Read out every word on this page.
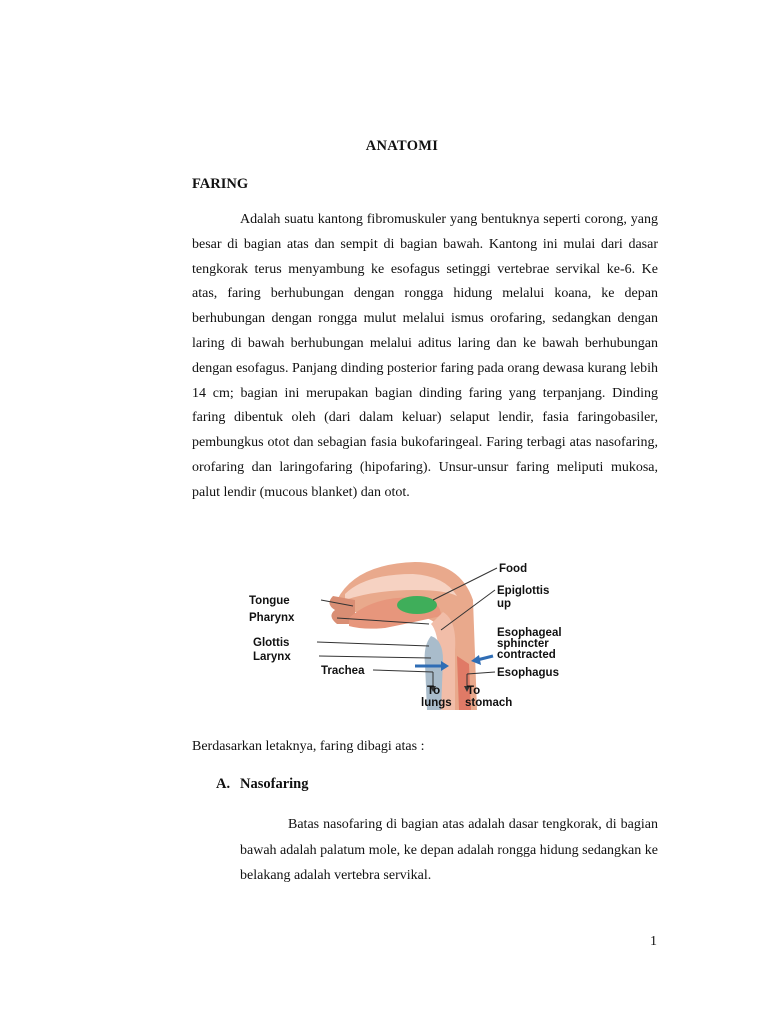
ANATOMI
FARING

Adalah suatu kantong fibromuskuler yang bentuknya seperti corong, yang besar di bagian atas dan sempit di bagian bawah. Kantong ini mulai dari dasar tengkorak terus menyambung ke esofagus setinggi vertebrae servikal ke-6. Ke atas, faring berhubungan dengan rongga hidung melalui koana, ke depan berhubungan dengan rongga mulut melalui ismus orofaring, sedangkan dengan laring di bawah berhubungan melalui aditus laring dan ke bawah berhubungan dengan esofagus. Panjang dinding posterior faring pada orang dewasa kurang lebih 14 cm; bagian ini merupakan bagian dinding faring yang terpanjang. Dinding faring dibentuk oleh (dari dalam keluar) selaput lendir, fasia faringobasiler, pembungkus otot dan sebagian fasia bukofaringeal. Faring terbagi atas nasofaring, orofaring dan laringofaring (hipofaring). Unsur-unsur faring meliputi mukosa, palut lendir (mucous blanket) dan otot.

Tongue
Pharynx
Glottis
Larynx
Trachea
Food
Epiglottis
up
Esophageal
sphincter
contracted
Esophagus
To
lungs
To
stomach
Berdasarkan letaknya, faring dibagi atas :
A. Nasofaring

Batas nasofaring di bagian atas adalah dasar tengkorak, di bagian bawah adalah palatum mole, ke depan adalah rongga hidung sedangkan ke belakang adalah vertebra servikal.

1
